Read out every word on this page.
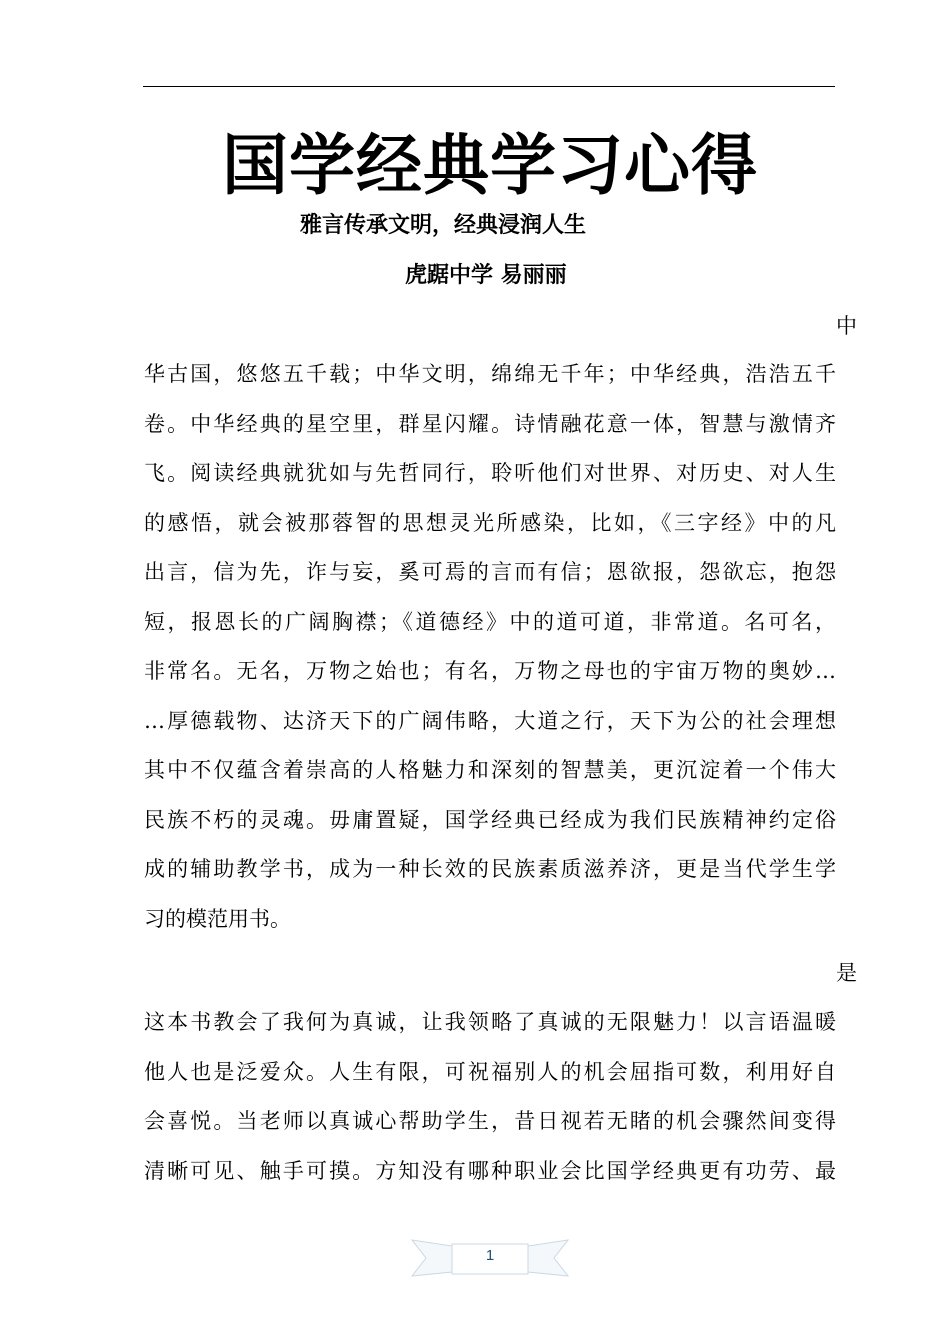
国学经典学习心得
雅言传承文明，经典浸润人生
虎踞中学 易丽丽
中
华古国，悠悠五千载；中华文明，绵绵无千年；中华经典，浩浩五千
卷。中华经典的星空里，群星闪耀。诗情融花意一体，智慧与激情齐
飞。阅读经典就犹如与先哲同行，聆听他们对世界、对历史、对人生
的感悟，就会被那蓉智的思想灵光所感染，比如，《三字经》中的凡
出言，信为先，诈与妄，奚可焉的言而有信；恩欲报，怨欲忘，抱怨
短，报恩长的广阔胸襟；《道德经》中的道可道，非常道。名可名，
非常名。无名，万物之始也；有名，万物之母也的宇宙万物的奥妙…
…厚德载物、达济天下的广阔伟略，大道之行，天下为公的社会理想
其中不仅蕴含着崇高的人格魅力和深刻的智慧美，更沉淀着一个伟大
民族不朽的灵魂。毋庸置疑，国学经典已经成为我们民族精神约定俗
成的辅助教学书，成为一种长效的民族素质滋养济，更是当代学生学
习的模范用书。
是
这本书教会了我何为真诚，让我领略了真诚的无限魅力！以言语温暖
他人也是泛爱众。人生有限，可祝福别人的机会屈指可数，利用好自
会喜悦。当老师以真诚心帮助学生，昔日视若无睹的机会骤然间变得
清晰可见、触手可摸。方知没有哪种职业会比国学经典更有功劳、最
1
